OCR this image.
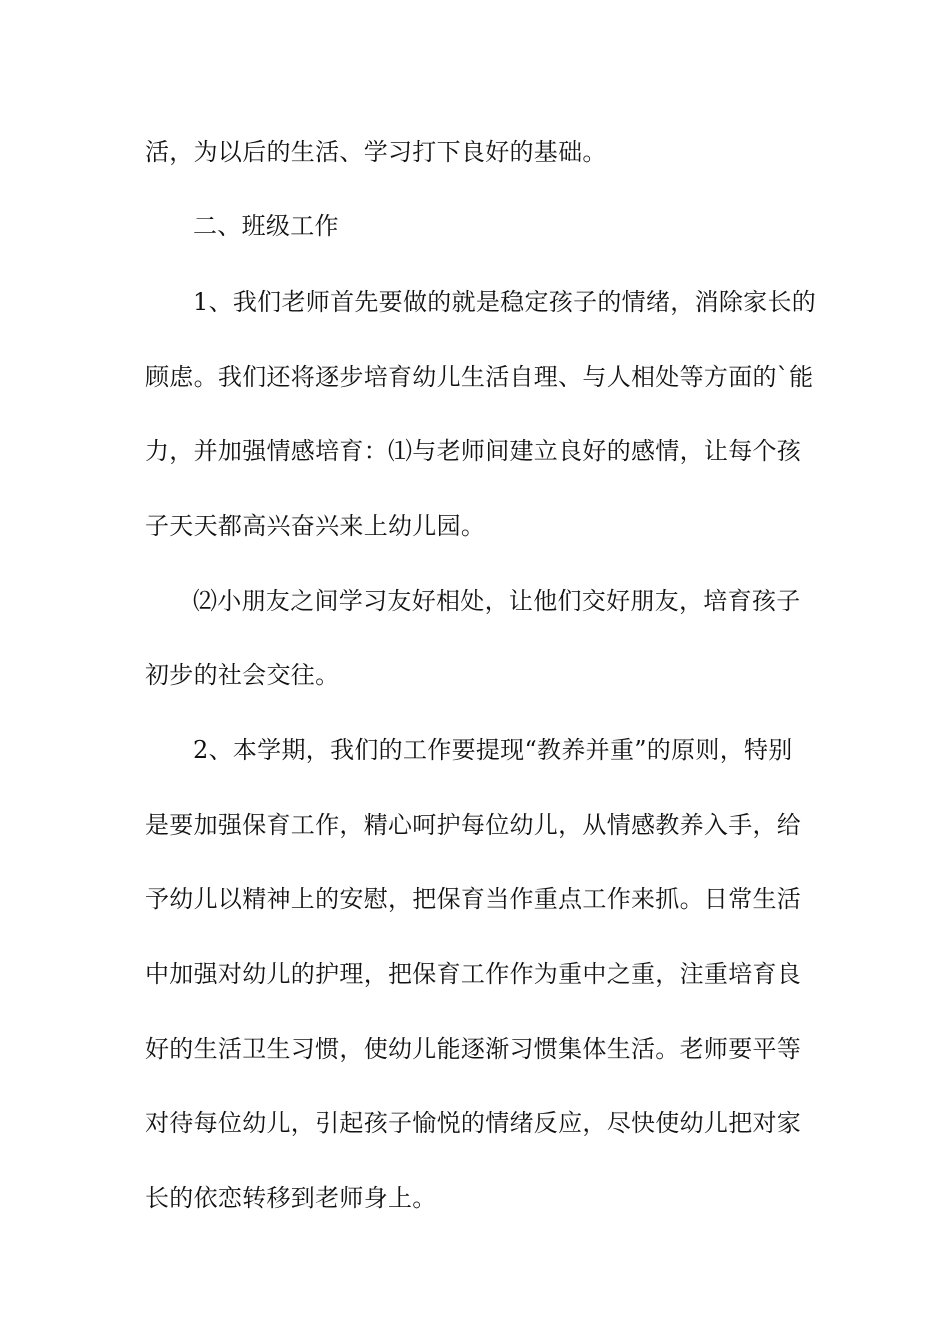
活，为以后的生活、学习打下良好的基础。
二、班级工作
1、我们老师首先要做的就是稳定孩子的情绪，消除家长的
顾虑。我们还将逐步培育幼儿生活自理、与人相处等方面的`能
力，并加强情感培育：⑴与老师间建立良好的感情，让每个孩
子天天都高兴奋兴来上幼儿园。
⑵小朋友之间学习友好相处，让他们交好朋友，培育孩子
初步的社会交往。
2、本学期，我们的工作要提现“教养并重”的原则，特别
是要加强保育工作，精心呵护每位幼儿，从情感教养入手，给
予幼儿以精神上的安慰，把保育当作重点工作来抓。日常生活
中加强对幼儿的护理，把保育工作作为重中之重，注重培育良
好的生活卫生习惯，使幼儿能逐渐习惯集体生活。老师要平等
对待每位幼儿，引起孩子愉悦的情绪反应，尽快使幼儿把对家
长的依恋转移到老师身上。
